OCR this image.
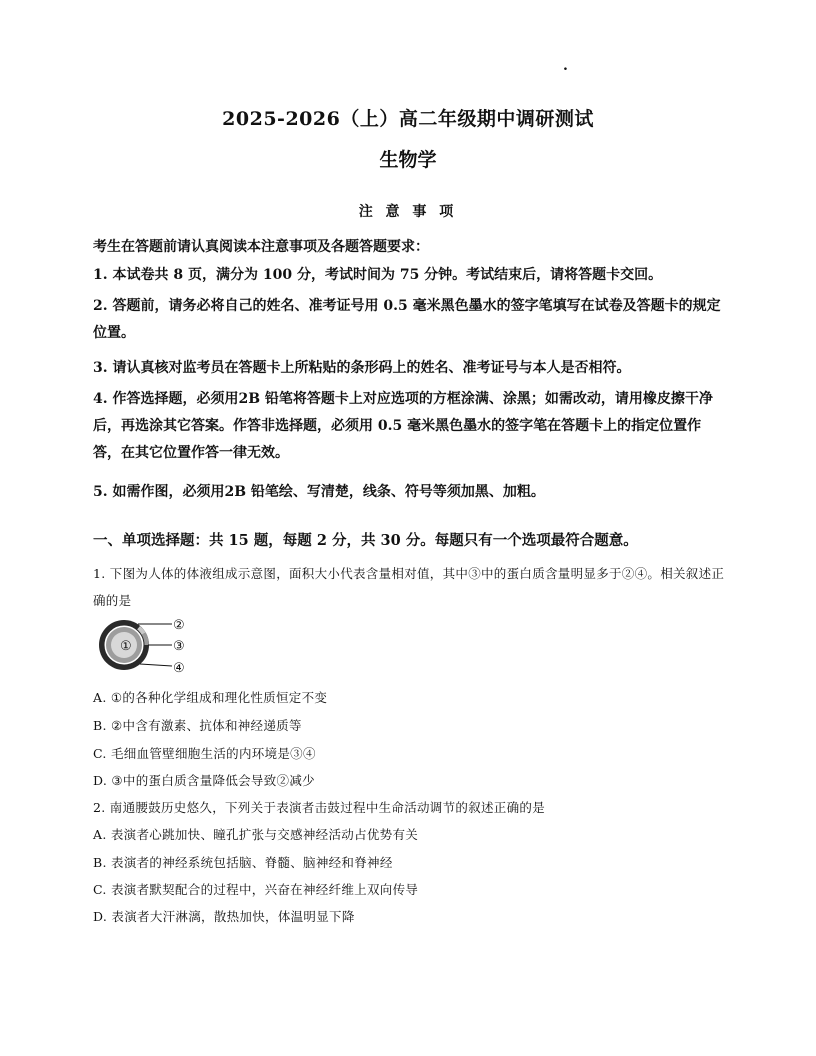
.
2025-2026（上）高二年级期中调研测试
生物学
注 意 事 项
考生在答题前请认真阅读本注意事项及各题答题要求：
1. 本试卷共 8 页，满分为 100 分，考试时间为 75 分钟。考试结束后，请将答题卡交回。
2. 答题前，请务必将自己的姓名、准考证号用 0.5 毫米黑色墨水的签字笔填写在试卷及答题卡的规定位置。
3. 请认真核对监考员在答题卡上所粘贴的条形码上的姓名、准考证号与本人是否相符。
4. 作答选择题，必须用2B 铅笔将答题卡上对应选项的方框涂满、涂黑；如需改动，请用橡皮擦干净后，再选涂其它答案。作答非选择题，必须用 0.5 毫米黑色墨水的签字笔在答题卡上的指定位置作答，在其它位置作答一律无效。
5. 如需作图，必须用2B 铅笔绘、写清楚，线条、符号等须加黑、加粗。
一、单项选择题：共 15 题，每题 2 分，共 30 分。每题只有一个选项最符合题意。
1. 下图为人体的体液组成示意图，面积大小代表含量相对值，其中③中的蛋白质含量明显多于②④。相关叙述正确的是
①
②
③
④
A. ①的各种化学组成和理化性质恒定不变
B. ②中含有激素、抗体和神经递质等
C. 毛细血管壁细胞生活的内环境是③④
D. ③中的蛋白质含量降低会导致②减少
2. 南通腰鼓历史悠久，下列关于表演者击鼓过程中生命活动调节的叙述正确的是
A. 表演者心跳加快、瞳孔扩张与交感神经活动占优势有关
B. 表演者的神经系统包括脑、脊髓、脑神经和脊神经
C. 表演者默契配合的过程中，兴奋在神经纤维上双向传导
D. 表演者大汗淋漓，散热加快，体温明显下降
